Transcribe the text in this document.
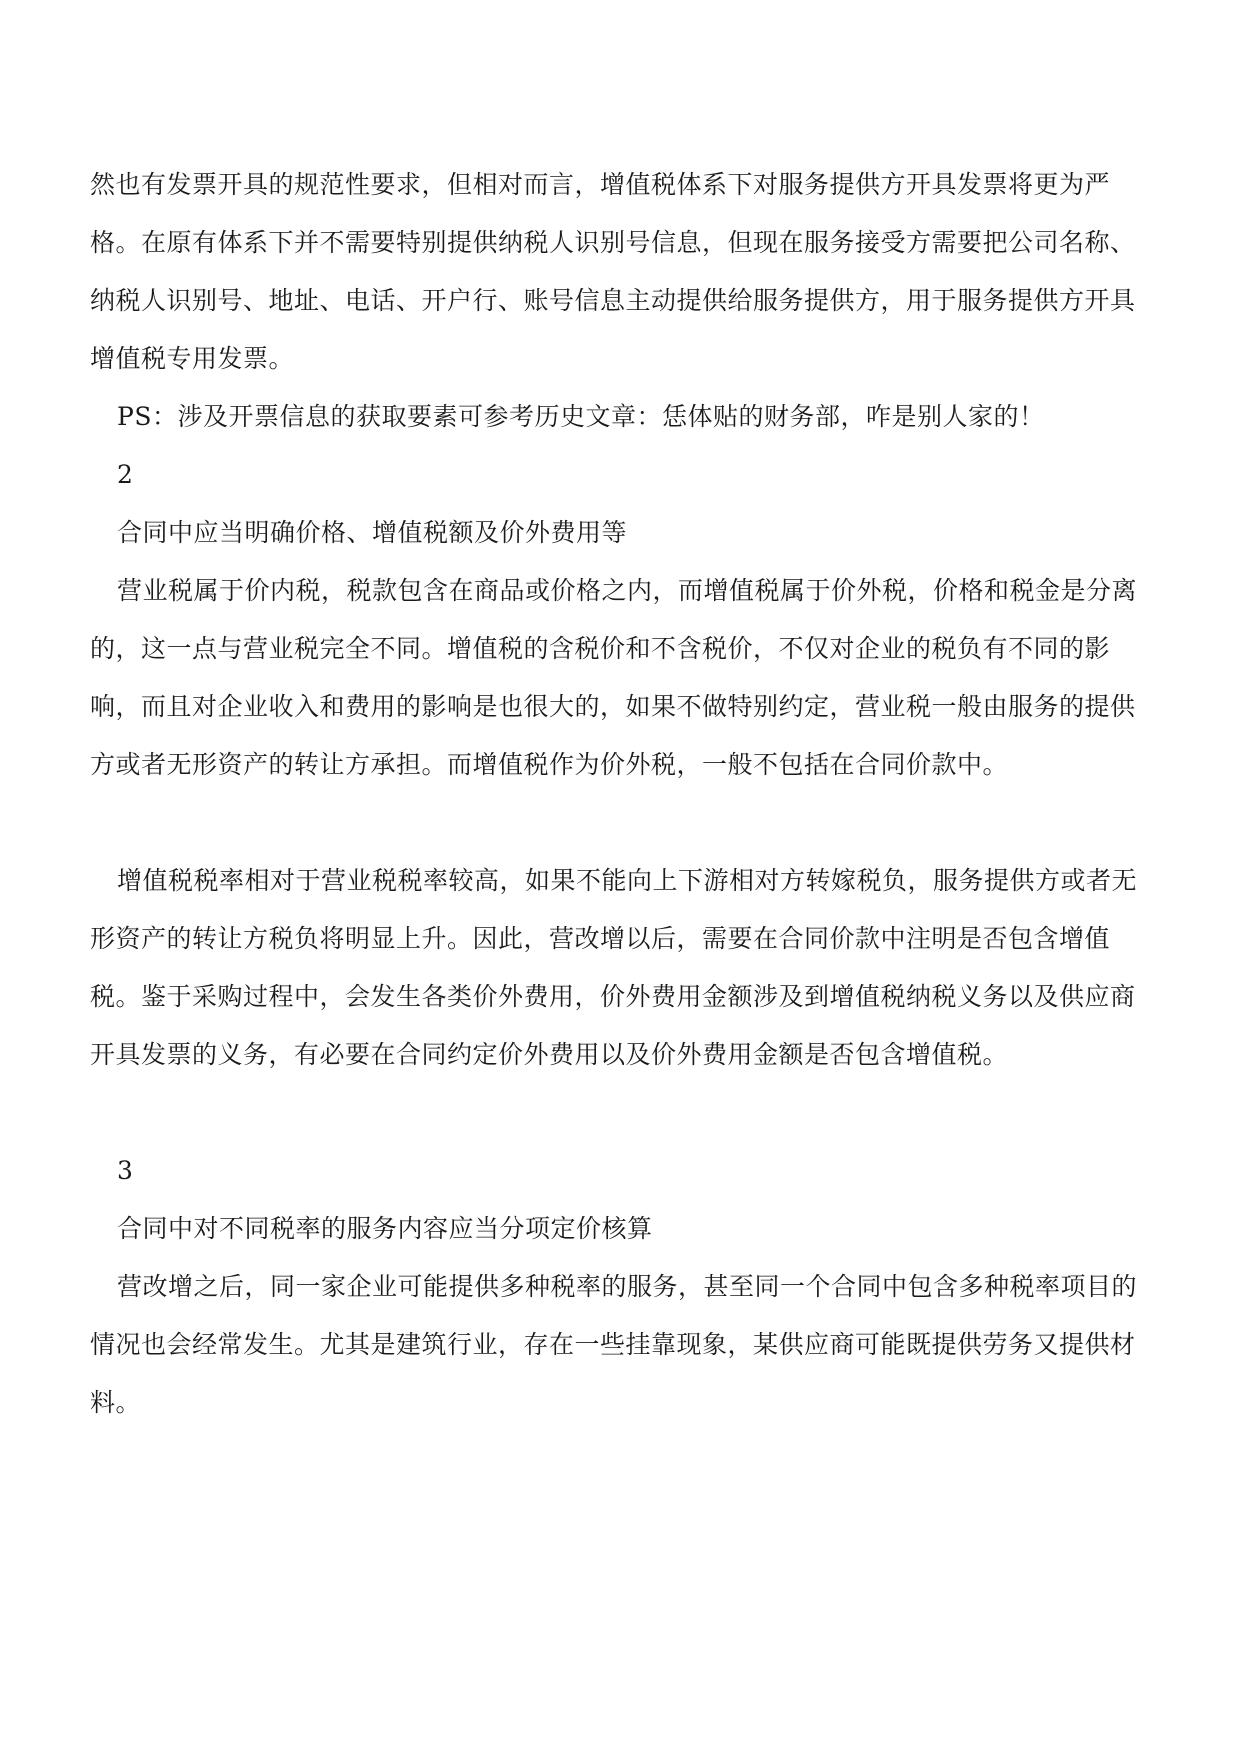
然也有发票开具的规范性要求，但相对而言，增值税体系下对服务提供方开具发票将更为严格。在原有体系下并不需要特别提供纳税人识别号信息，但现在服务接受方需要把公司名称、纳税人识别号、地址、电话、开户行、账号信息主动提供给服务提供方，用于服务提供方开具增值税专用发票。

PS：涉及开票信息的获取要素可参考历史文章：恁体贴的财务部，咋是别人家的！

2

合同中应当明确价格、增值税额及价外费用等

营业税属于价内税，税款包含在商品或价格之内，而增值税属于价外税，价格和税金是分离的，这一点与营业税完全不同。增值税的含税价和不含税价，不仅对企业的税负有不同的影响，而且对企业收入和费用的影响是也很大的，如果不做特别约定，营业税一般由服务的提供方或者无形资产的转让方承担。而增值税作为价外税，一般不包括在合同价款中。

增值税税率相对于营业税税率较高，如果不能向上下游相对方转嫁税负，服务提供方或者无形资产的转让方税负将明显上升。因此，营改增以后，需要在合同价款中注明是否包含增值税。鉴于采购过程中，会发生各类价外费用，价外费用金额涉及到增值税纳税义务以及供应商开具发票的义务，有必要在合同约定价外费用以及价外费用金额是否包含增值税。

3

合同中对不同税率的服务内容应当分项定价核算

营改增之后，同一家企业可能提供多种税率的服务，甚至同一个合同中包含多种税率项目的情况也会经常发生。尤其是建筑行业，存在一些挂靠现象，某供应商可能既提供劳务又提供材料。
